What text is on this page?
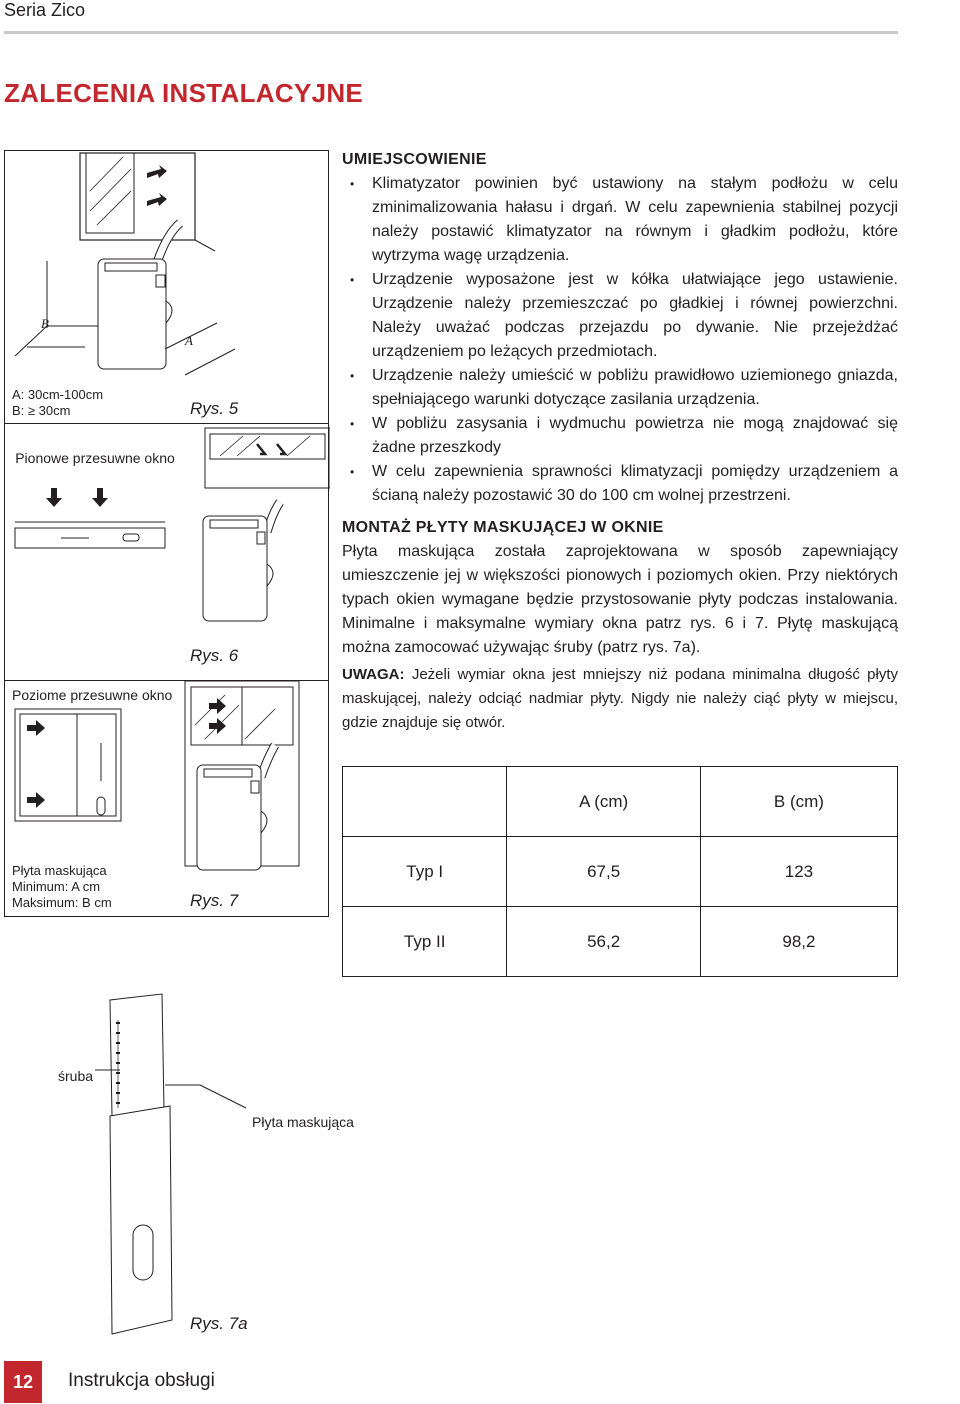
Seria Zico
ZALECENIA INSTALACYJNE
B
A
A: 30cm-100cm
B: ≥ 30cm	Rys. 5
Pionowe przesuwne okno
Rys. 6
Poziome przesuwne okno
Płyta maskująca
Minimum: A cm
Maksimum: B cm	Rys. 7
śruba
Płyta maskująca
Rys. 7a
UMIEJSCOWIENIE
• Klimatyzator powinien być ustawiony na stałym podłożu w celu zminimalizowania hałasu i drgań. W celu zapewnienia stabilnej pozycji należy postawić klimatyzator na równym i gładkim podłożu, które wytrzyma wagę urządzenia.
• Urządzenie wyposażone jest w kółka ułatwiające jego ustawienie. Urządzenie należy przemieszczać po gładkiej i równej powierzchni. Należy uważać podczas przejazdu po dywanie. Nie przejeżdżać urządzeniem po leżących przedmiotach.
• Urządzenie należy umieścić w pobliżu prawidłowo uziemionego gniazda, spełniającego warunki dotyczące zasilania urządzenia.
• W pobliżu zasysania i wydmuchu powietrza nie mogą znajdować się żadne przeszkody
• W celu zapewnienia sprawności klimatyzacji pomiędzy urządzeniem a ścianą należy pozostawić 30 do 100 cm wolnej przestrzeni.
MONTAŻ PŁYTY MASKUJĄCEJ W OKNIE
Płyta maskująca została zaprojektowana w sposób zapewniający umieszczenie jej w większości pionowych i poziomych okien. Przy niektórych typach okien wymagane będzie przystosowanie płyty podczas instalowania. Minimalne i maksymalne wymiary okna patrz rys. 6 i 7. Płytę maskującą można zamocować używając śruby (patrz rys. 7a).
UWAGA: Jeżeli wymiar okna jest mniejszy niż podana minimalna długość płyty maskującej, należy odciąć nadmiar płyty. Nigdy nie należy ciąć płyty w miejscu, gdzie znajduje się otwór.
	A (cm)	B (cm)
Typ I	67,5	123
Typ II	56,2	98,2
12	Instrukcja obsługi
